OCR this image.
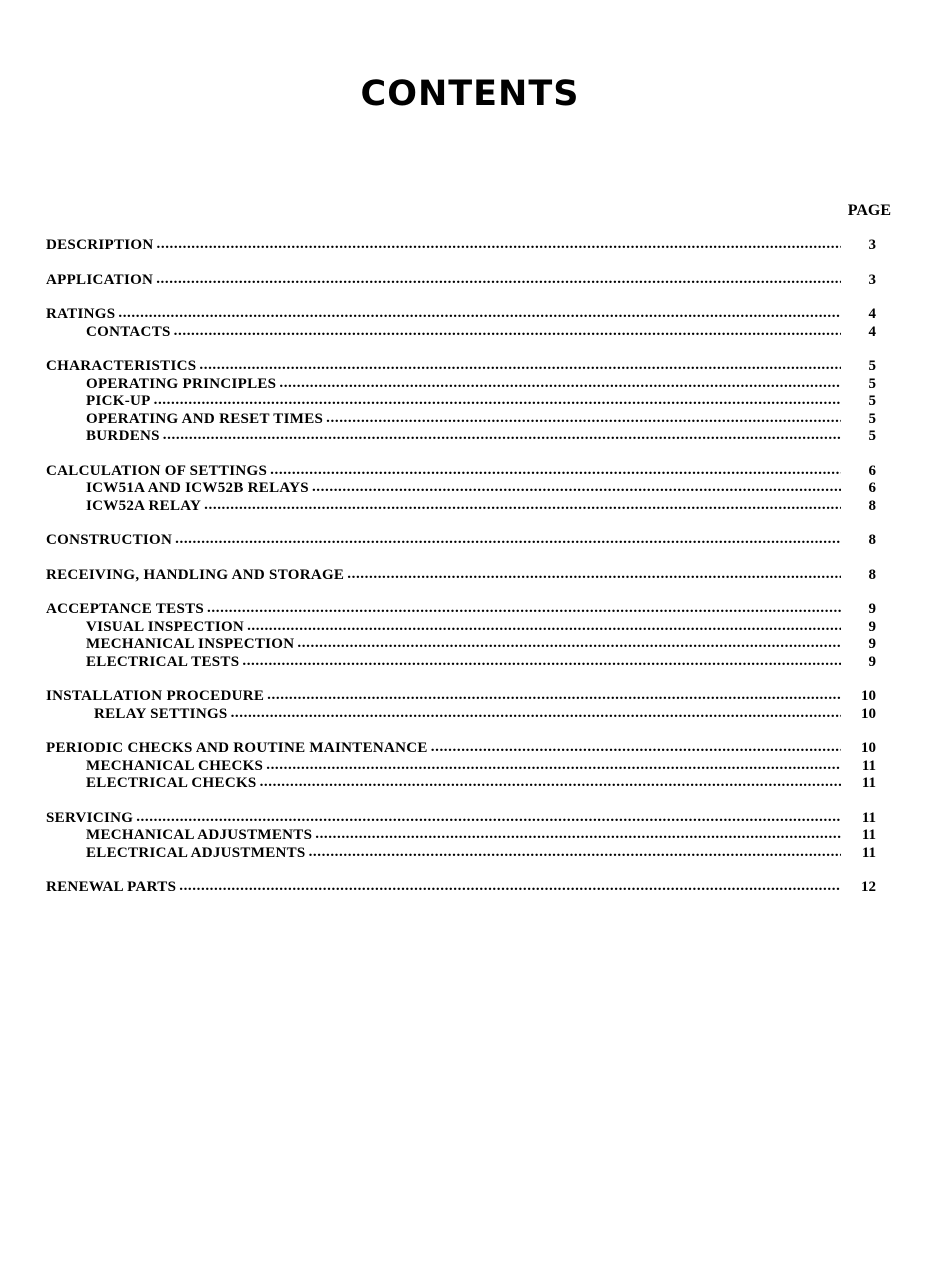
CONTENTS
PAGE
DESCRIPTION .....	3
APPLICATION .....	3
RATINGS .....	4
CONTACTS .....	4
CHARACTERISTICS .....	5
OPERATING PRINCIPLES .....	5
PICK-UP .....	5
OPERATING AND RESET TIMES .....	5
BURDENS .....	5
CALCULATION OF SETTINGS .....	6
ICW51A AND ICW52B RELAYS .....	6
ICW52A RELAY .....	8
CONSTRUCTION .....	8
RECEIVING, HANDLING AND STORAGE .....	8
ACCEPTANCE TESTS .....	9
VISUAL INSPECTION .....	9
MECHANICAL INSPECTION .....	9
ELECTRICAL TESTS .....	9
INSTALLATION PROCEDURE .....	10
RELAY SETTINGS .....	10
PERIODIC CHECKS AND ROUTINE MAINTENANCE .....	10
MECHANICAL CHECKS .....	11
ELECTRICAL CHECKS .....	11
SERVICING .....	11
MECHANICAL ADJUSTMENTS .....	11
ELECTRICAL ADJUSTMENTS .....	11
RENEWAL PARTS .....	12
